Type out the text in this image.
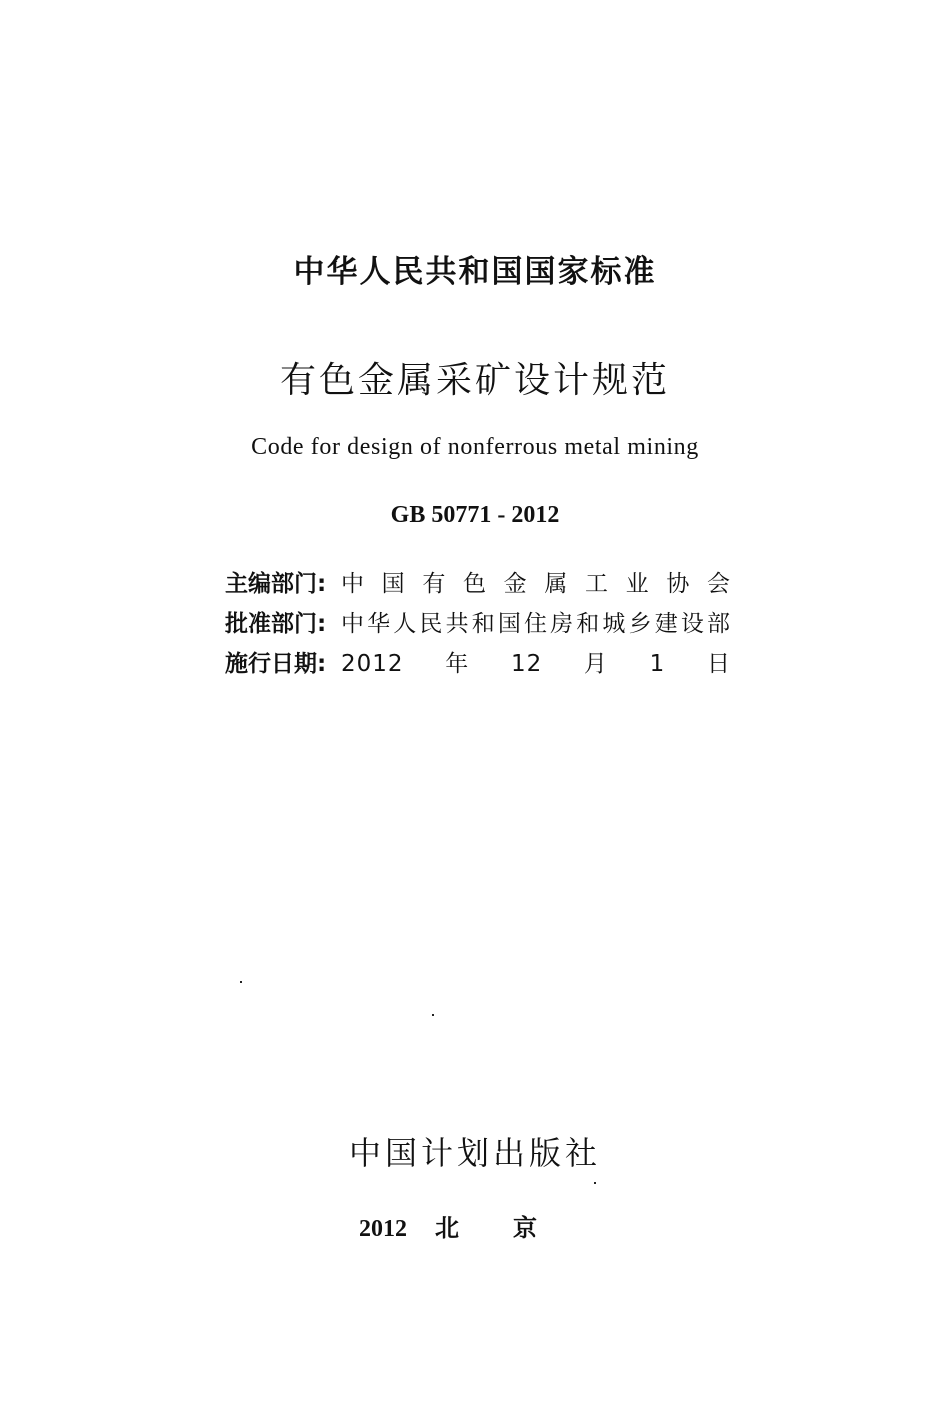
中华人民共和国国家标准
有色金属采矿设计规范
Code for design of nonferrous metal mining
GB 50771 - 2012
主编部门: 中国有色金属工业协会
批准部门: 中华人民共和国住房和城乡建设部
施行日期: 2012年12月1日
中国计划出版社
2012 北京
